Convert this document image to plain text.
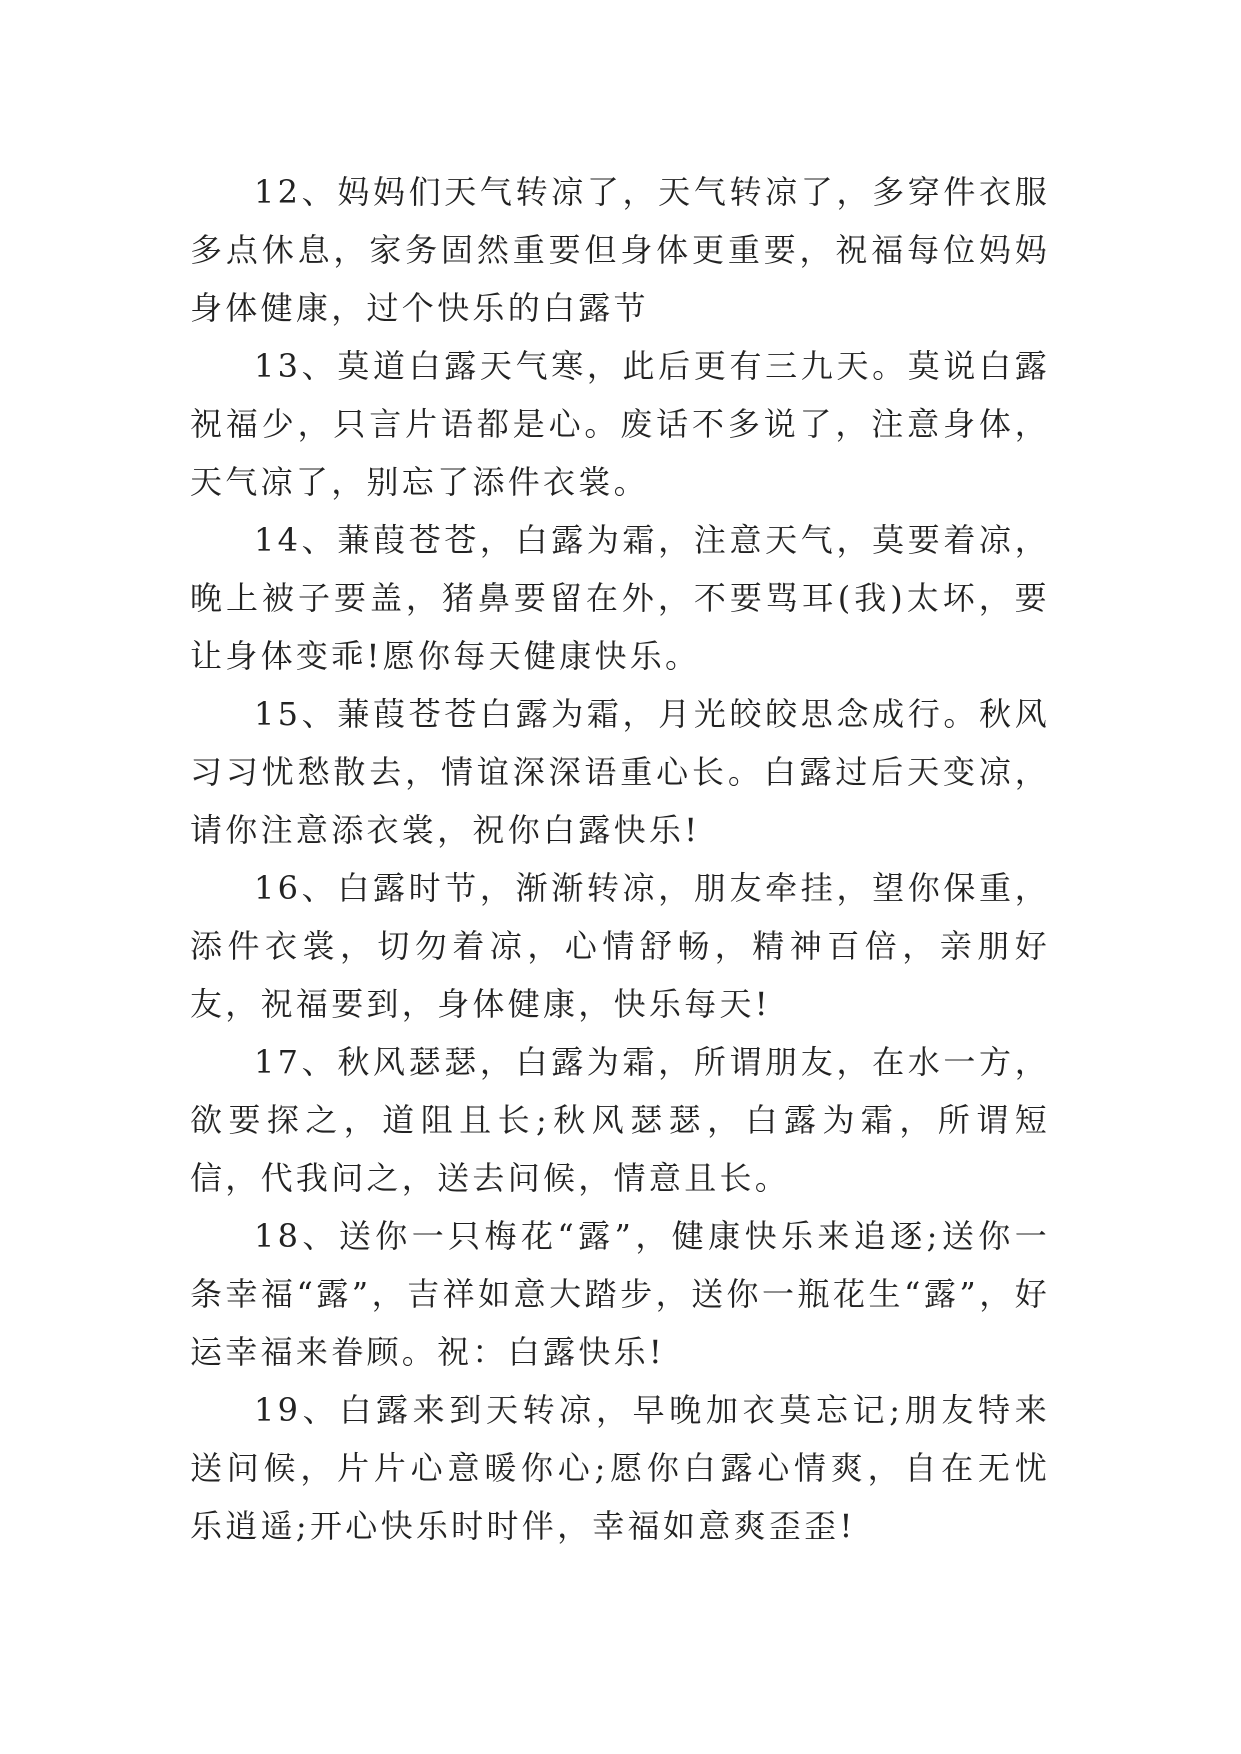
12、妈妈们天气转凉了，天气转凉了，多穿件衣服多点休息，家务固然重要但身体更重要，祝福每位妈妈身体健康，过个快乐的白露节

13、莫道白露天气寒，此后更有三九天。莫说白露祝福少，只言片语都是心。废话不多说了，注意身体，天气凉了，别忘了添件衣裳。

14、蒹葭苍苍，白露为霜，注意天气，莫要着凉，晚上被子要盖，猪鼻要留在外，不要骂耳(我)太坏，要让身体变乖!愿你每天健康快乐。

15、蒹葭苍苍白露为霜，月光皎皎思念成行。秋风习习忧愁散去，情谊深深语重心长。白露过后天变凉，请你注意添衣裳，祝你白露快乐!

16、白露时节，渐渐转凉，朋友牵挂，望你保重，添件衣裳，切勿着凉，心情舒畅，精神百倍，亲朋好友，祝福要到，身体健康，快乐每天!

17、秋风瑟瑟，白露为霜，所谓朋友，在水一方，欲要探之，道阻且长;秋风瑟瑟，白露为霜，所谓短信，代我问之，送去问候，情意且长。

18、送你一只梅花“露”，健康快乐来追逐;送你一条幸福“露”，吉祥如意大踏步，送你一瓶花生“露”，好运幸福来眷顾。祝：白露快乐!

19、白露来到天转凉，早晚加衣莫忘记;朋友特来送问候，片片心意暖你心;愿你白露心情爽，自在无忧乐逍遥;开心快乐时时伴，幸福如意爽歪歪!
